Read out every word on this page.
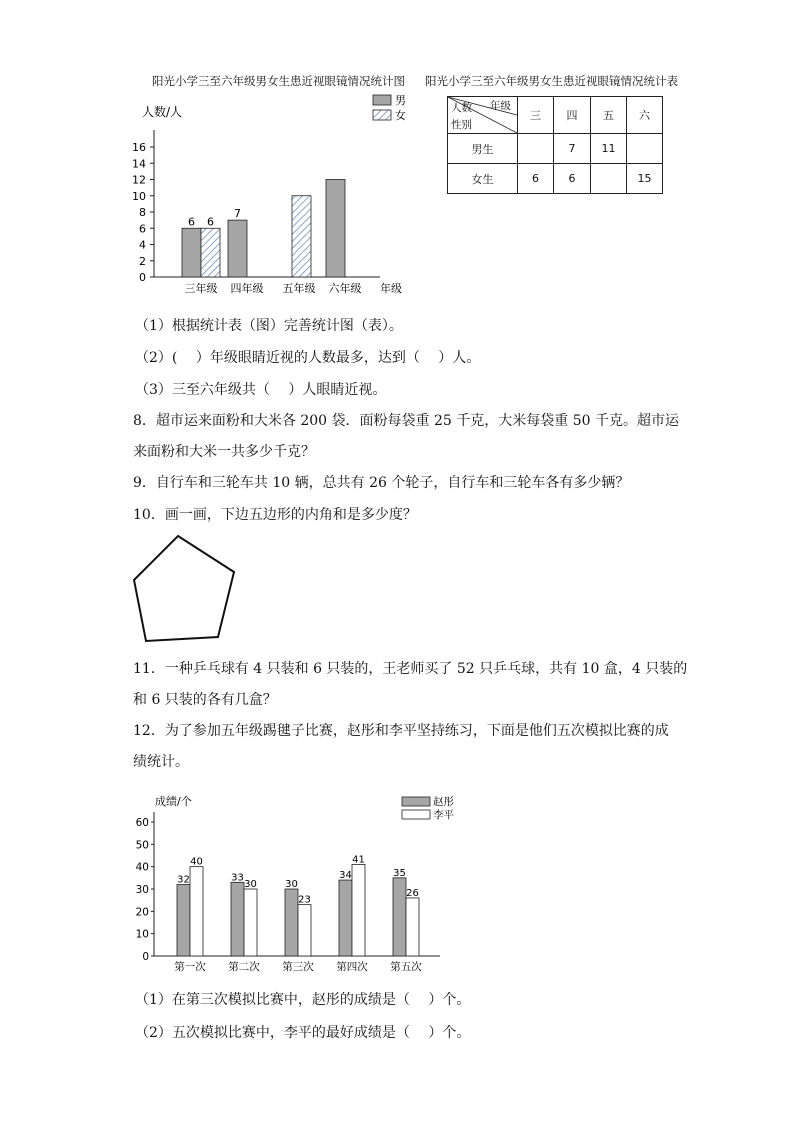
阳光小学三至六年级男女生患近视眼镜情况统计图 阳光小学三至六年级男女生患近视眼镜情况统计表
人数/人
0
2
4
6
8
10
12
14
16
6 6
7
三年级 四年级 五年级 六年级 年级
男
女
年级
人数
性别	三	四	五	六
男生		7	11	
女生	6	6		15
（1）根据统计表（图）完善统计图（表）。
（2）(　 ）年级眼睛近视的人数最多，达到（　 ）人。
（3）三至六年级共（　 ）人眼睛近视。
8．超市运来面粉和大米各 200 袋．面粉每袋重 25 千克，大米每袋重 50 千克。超市运
来面粉和大米一共多少千克？
9．自行车和三轮车共 10 辆，总共有 26 个轮子，自行车和三轮车各有多少辆？
10．画一画，下边五边形的内角和是多少度？
11．一种乒乓球有 4 只装和 6 只装的，王老师买了 52 只乒乓球，共有 10 盒，4 只装的
和 6 只装的各有几盒？
12．为了参加五年级踢毽子比赛，赵彤和李平坚持练习，下面是他们五次模拟比赛的成
绩统计。
成绩/个
0
10
20
30
40
50
60
32
40
33
30	30
23
34
41
35
26
第一次 第二次 第三次 第四次 第五次
赵彤
李平
（1）在第三次模拟比赛中，赵彤的成绩是（　 ）个。
（2）五次模拟比赛中，李平的最好成绩是（　 ）个。
